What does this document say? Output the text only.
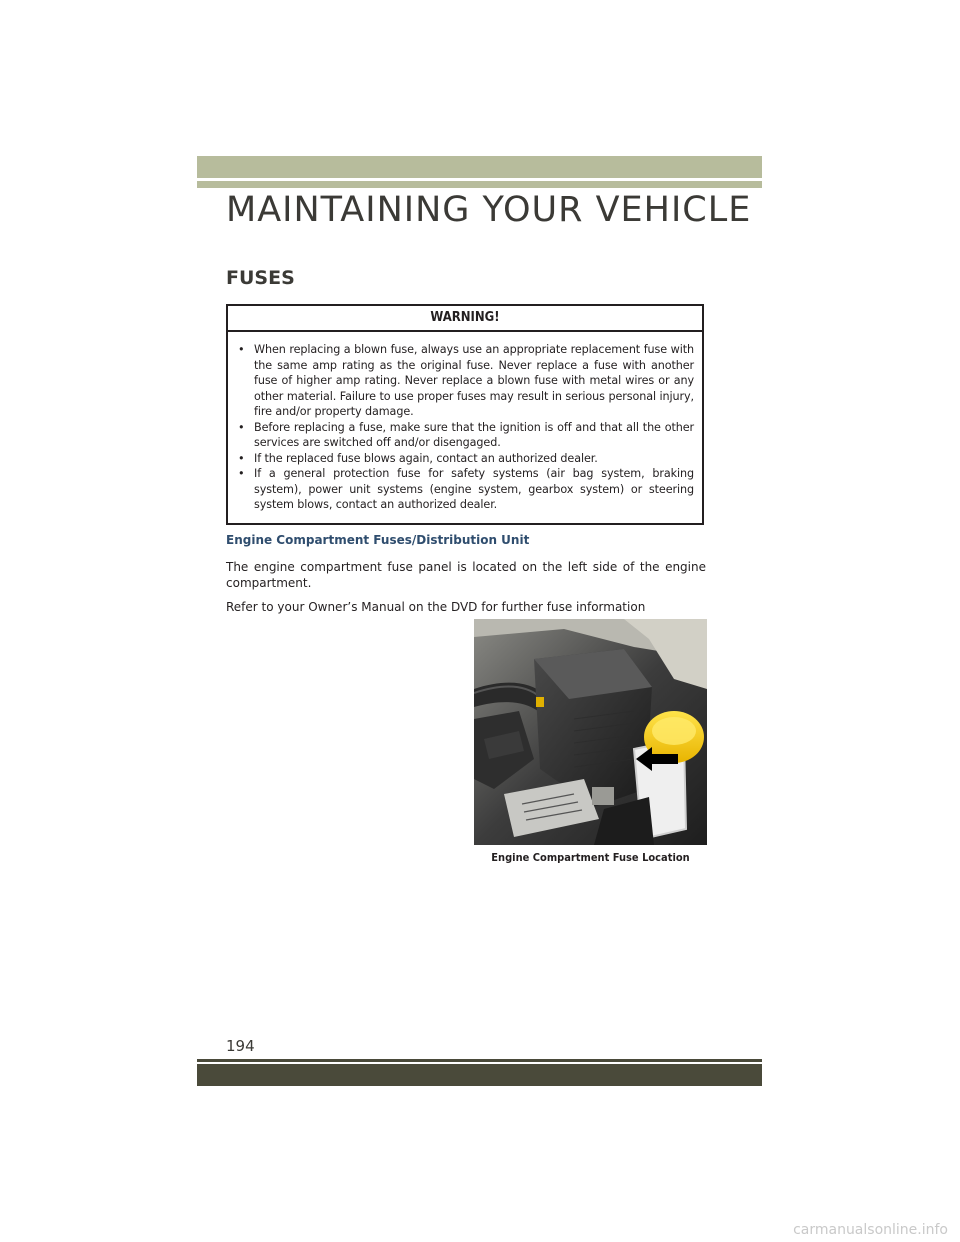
MAINTAINING YOUR VEHICLE
FUSES
WARNING!
• When replacing a blown fuse, always use an appropriate replacement fuse with the same amp rating as the original fuse. Never replace a fuse with another fuse of higher amp rating. Never replace a blown fuse with metal wires or any other material. Failure to use proper fuses may result in serious personal injury, fire and/or property damage.
• Before replacing a fuse, make sure that the ignition is off and that all the other services are switched off and/or disengaged.
• If the replaced fuse blows again, contact an authorized dealer.
• If a general protection fuse for safety systems (air bag system, braking system), power unit systems (engine system, gearbox system) or steering system blows, contact an authorized dealer.
Engine Compartment Fuses/Distribution Unit
The engine compartment fuse panel is located on the left side of the engine compartment.
Refer to your Owner’s Manual on the DVD for further fuse information
Engine Compartment Fuse Location
194
carmanualsonline.info
